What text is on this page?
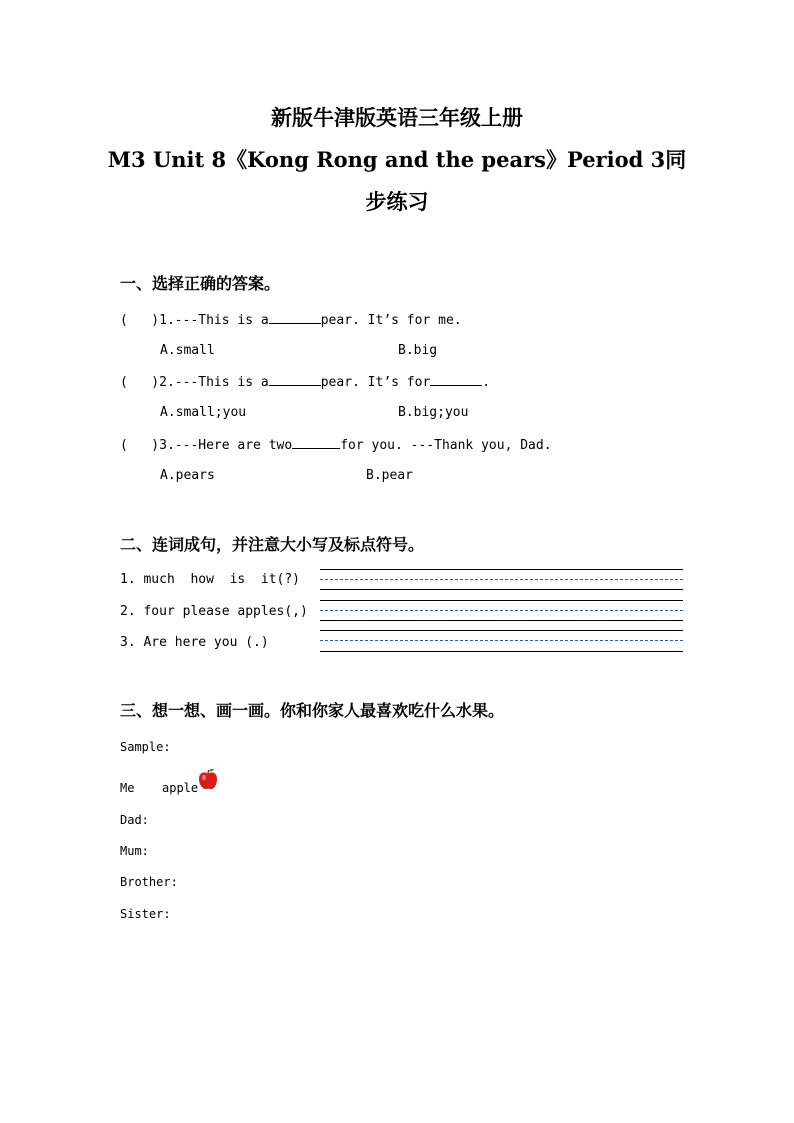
新版牛津版英语三年级上册
M3 Unit 8《Kong Rong and the pears》Period 3同
步练习
一、选择正确的答案。
(   )1.---This is a	pear. It’s for me.
A.small	B.big
(   )2.---This is a	pear. It’s for	.
A.small;you	B.big;you
(   )3.---Here are two	for you. ---Thank you, Dad.
A.pears	B.pear
二、连词成句，并注意大小写及标点符号。
1. much  how  is  it(?)
2. four please apples(,)
3. Are here you (.)
三、想一想、画一画。你和你家人最喜欢吃什么水果。
Sample:
Me apple
Dad:
Mum:
Brother:
Sister:
